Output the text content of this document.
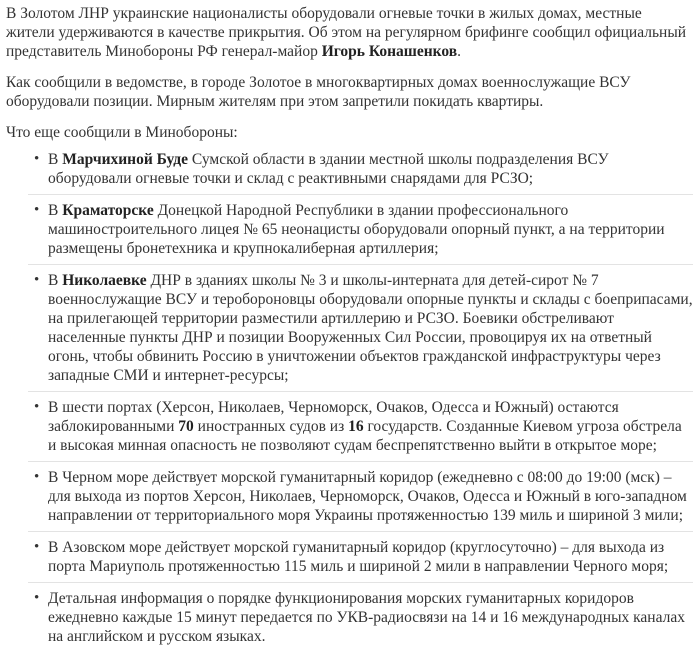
В Золотом ЛНР украинские националисты оборудовали огневые точки в жилых домах, местные жители удерживаются в качестве прикрытия. Об этом на регулярном брифинге сообщил официальный представитель Минобороны РФ генерал-майор Игорь Конашенков.

Как сообщили в ведомстве, в городе Золотое в многоквартирных домах военнослужащие ВСУ оборудовали позиции. Мирным жителям при этом запретили покидать квартиры.

Что еще сообщили в Минобороны:

• В Марчихиной Буде Сумской области в здании местной школы подразделения ВСУ оборудовали огневые точки и склад с реактивными снарядами для РСЗО;
• В Краматорске Донецкой Народной Республики в здании профессионального машиностроительного лицея № 65 неонацисты оборудовали опорный пункт, а на территории размещены бронетехника и крупнокалиберная артиллерия;
• В Николаевке ДНР в зданиях школы № 3 и школы-интерната для детей-сирот № 7 военнослужащие ВСУ и теробороновцы оборудовали опорные пункты и склады с боеприпасами, на прилегающей территории разместили артиллерию и РСЗО. Боевики обстреливают населенные пункты ДНР и позиции Вооруженных Сил России, провоцируя их на ответный огонь, чтобы обвинить Россию в уничтожении объектов гражданской инфраструктуры через западные СМИ и интернет-ресурсы;
• В шести портах (Херсон, Николаев, Черноморск, Очаков, Одесса и Южный) остаются заблокированными 70 иностранных судов из 16 государств. Созданные Киевом угроза обстрела и высокая минная опасность не позволяют судам беспрепятственно выйти в открытое море;
• В Черном море действует морской гуманитарный коридор (ежедневно с 08:00 до 19:00 (мск) – для выхода из портов Херсон, Николаев, Черноморск, Очаков, Одесса и Южный в юго-западном направлении от территориального моря Украины протяженностью 139 миль и шириной 3 мили;
• В Азовском море действует морской гуманитарный коридор (круглосуточно) – для выхода из порта Мариуполь протяженностью 115 миль и шириной 2 мили в направлении Черного моря;
• Детальная информация о порядке функционирования морских гуманитарных коридоров ежедневно каждые 15 минут передается по УКВ-радиосвязи на 14 и 16 международных каналах на английском и русском языках.
